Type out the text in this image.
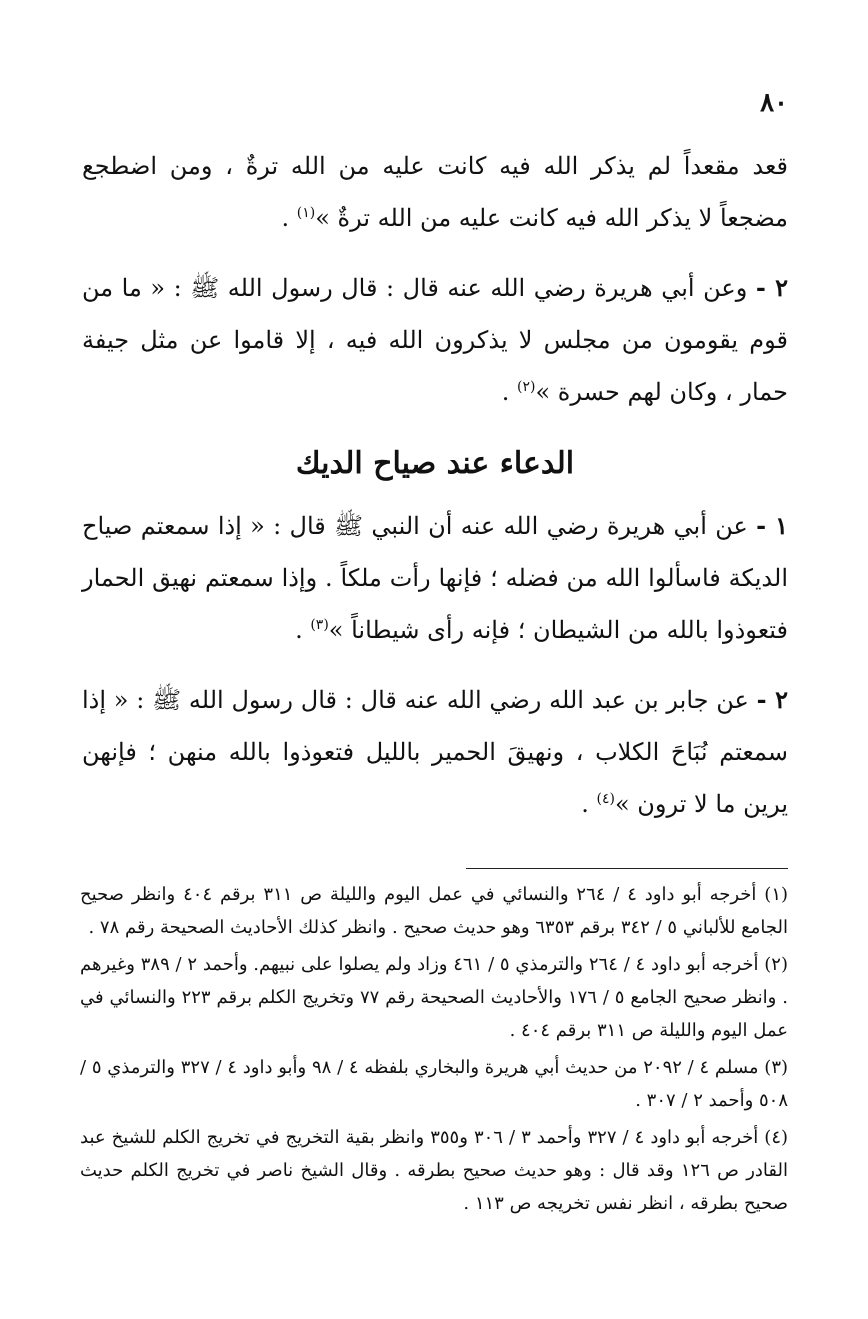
٨٠

قعد مقعداً لم يذكر الله فيه كانت عليه من الله ترةٌ ، ومن اضطجع مضجعاً لا يذكر الله فيه كانت عليه من الله ترةٌ »$^{(١)}$ .

٢ - وعن أبي هريرة رضي الله عنه قال : قال رسول الله ﷺ : « ما من قوم يقومون من مجلس لا يذكرون الله فيه ، إلا قاموا عن مثل جيفة حمار ، وكان لهم حسرة »$^{(٢)}$ .

الدعاء عند صياح الديك

١ - عن أبي هريرة رضي الله عنه أن النبي ﷺ قال : « إذا سمعتم صياح الديكة فاسألوا الله من فضله ؛ فإنها رأت ملكاً . وإذا سمعتم نهيق الحمار فتعوذوا بالله من الشيطان ؛ فإنه رأى شيطاناً »$^{(٣)}$ .

٢ - عن جابر بن عبد الله رضي الله عنه قال : قال رسول الله ﷺ : « إذا سمعتم نُبَاحَ الكلاب ، ونهيقَ الحمير بالليل فتعوذوا بالله منهن ؛ فإنهن يرين ما لا ترون »$^{(٤)}$ .

(١) أخرجه أبو داود ٤ / ٢٦٤ والنسائي في عمل اليوم والليلة ص ٣١١ برقم ٤٠٤ وانظر صحيح الجامع للألباني ٥ / ٣٤٢ برقم ٦٣٥٣ وهو حديث صحيح . وانظر كذلك الأحاديث الصحيحة رقم ٧٨ .

(٢) أخرجه أبو داود ٤ / ٢٦٤ والترمذي ٥ / ٤٦١ وزاد ولم يصلوا على نبيهم. وأحمد ٢ / ٣٨٩ وغيرهم . وانظر صحيح الجامع ٥ / ١٧٦ والأحاديث الصحيحة رقم ٧٧ وتخريج الكلم برقم ٢٢٣ والنسائي في عمل اليوم والليلة ص ٣١١ برقم ٤٠٤ .

(٣) مسلم ٤ / ٢٠٩٢ من حديث أبي هريرة والبخاري بلفظه ٤ / ٩٨ وأبو داود ٤ / ٣٢٧ والترمذي ٥ / ٥٠٨ وأحمد ٢ / ٣٠٧ .

(٤) أخرجه أبو داود ٤ / ٣٢٧ وأحمد ٣ / ٣٠٦ و٣٥٥ وانظر بقية التخريج في تخريج الكلم للشيخ عبد القادر ص ١٢٦ وقد قال : وهو حديث صحيح بطرقه . وقال الشيخ ناصر في تخريج الكلم حديث صحيح بطرقه ، انظر نفس تخريجه ص ١١٣ .
